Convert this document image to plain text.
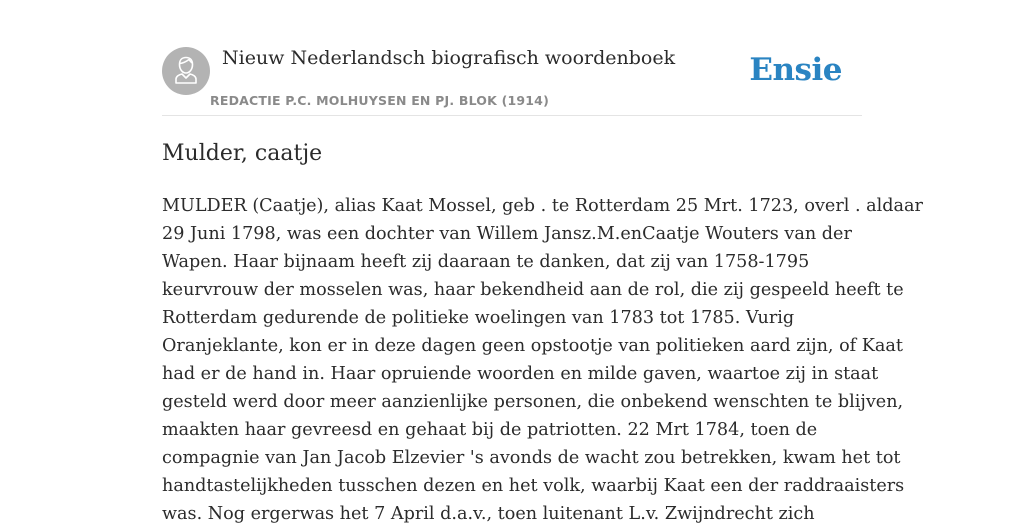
Nieuw Nederlandsch biografisch woordenboek
REDACTIE P.C. MOLHUYSEN EN PJ. BLOK (1914)
Ensie
Mulder, caatje
MULDER (Caatje), alias Kaat Mossel, geb . te Rotterdam 25 Mrt. 1723, overl . aldaar
29 Juni 1798, was een dochter van Willem Jansz.M.enCaatje Wouters van der
Wapen. Haar bijnaam heeft zij daaraan te danken, dat zij van 1758-1795
keurvrouw der mosselen was, haar bekendheid aan de rol, die zij gespeeld heeft te
Rotterdam gedurende de politieke woelingen van 1783 tot 1785. Vurig
Oranjeklante, kon er in deze dagen geen opstootje van politieken aard zijn, of Kaat
had er de hand in. Haar opruiende woorden en milde gaven, waartoe zij in staat
gesteld werd door meer aanzienlijke personen, die onbekend wenschten te blijven,
maakten haar gevreesd en gehaat bij de patriotten. 22 Mrt 1784, toen de
compagnie van Jan Jacob Elzevier 's avonds de wacht zou betrekken, kwam het tot
handtastelijkheden tusschen dezen en het volk, waarbij Kaat een der raddraaisters
was. Nog ergerwas het 7 April d.a.v., toen luitenant L.v. Zwijndrecht zich
